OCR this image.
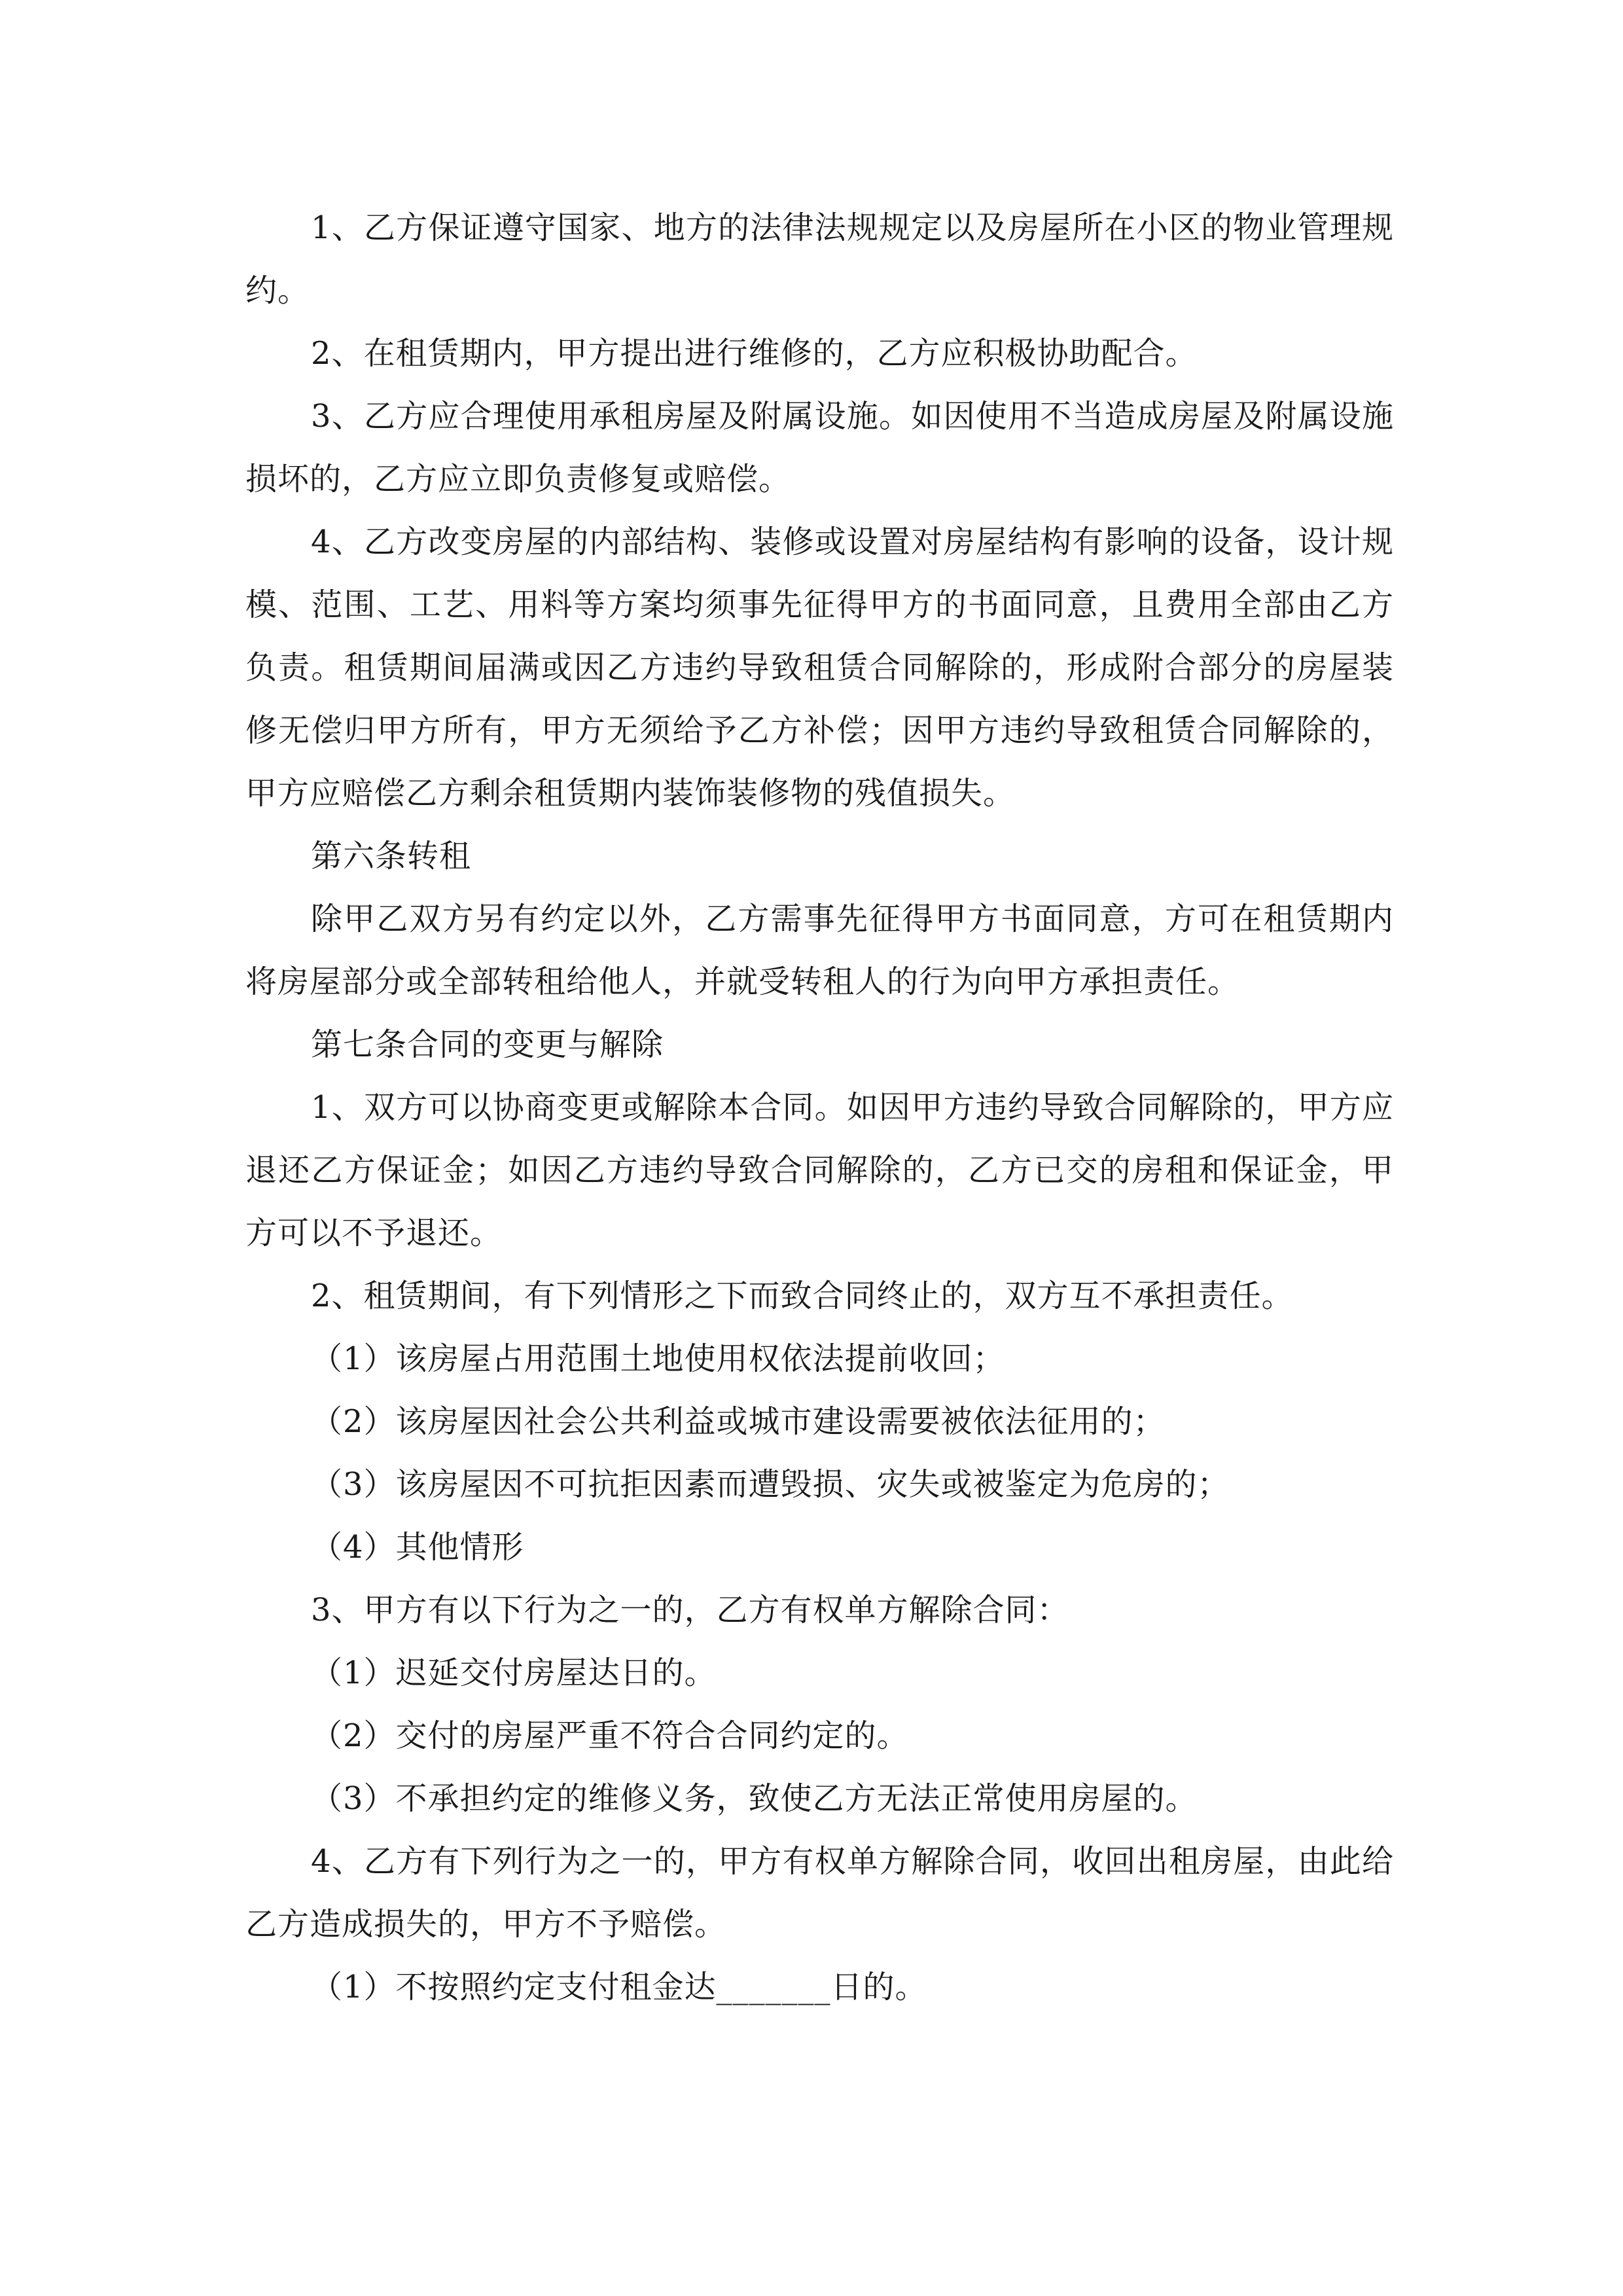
1、乙方保证遵守国家、地方的法律法规规定以及房屋所在小区的物业管理规约。

2、在租赁期内，甲方提出进行维修的，乙方应积极协助配合。

3、乙方应合理使用承租房屋及附属设施。如因使用不当造成房屋及附属设施损坏的，乙方应立即负责修复或赔偿。

4、乙方改变房屋的内部结构、装修或设置对房屋结构有影响的设备，设计规模、范围、工艺、用料等方案均须事先征得甲方的书面同意，且费用全部由乙方负责。租赁期间届满或因乙方违约导致租赁合同解除的，形成附合部分的房屋装修无偿归甲方所有，甲方无须给予乙方补偿；因甲方违约导致租赁合同解除的，甲方应赔偿乙方剩余租赁期内装饰装修物的残值损失。

第六条转租

除甲乙双方另有约定以外，乙方需事先征得甲方书面同意，方可在租赁期内将房屋部分或全部转租给他人，并就受转租人的行为向甲方承担责任。

第七条合同的变更与解除

1、双方可以协商变更或解除本合同。如因甲方违约导致合同解除的，甲方应退还乙方保证金；如因乙方违约导致合同解除的，乙方已交的房租和保证金，甲方可以不予退还。

2、租赁期间，有下列情形之下而致合同终止的，双方互不承担责任。

（1）该房屋占用范围土地使用权依法提前收回；

（2）该房屋因社会公共利益或城市建设需要被依法征用的；

（3）该房屋因不可抗拒因素而遭毁损、灾失或被鉴定为危房的；

（4）其他情形

3、甲方有以下行为之一的，乙方有权单方解除合同：

（1）迟延交付房屋达日的。

（2）交付的房屋严重不符合合同约定的。

（3）不承担约定的维修义务，致使乙方无法正常使用房屋的。

4、乙方有下列行为之一的，甲方有权单方解除合同，收回出租房屋，由此给乙方造成损失的，甲方不予赔偿。

（1）不按照约定支付租金达_______日的。
